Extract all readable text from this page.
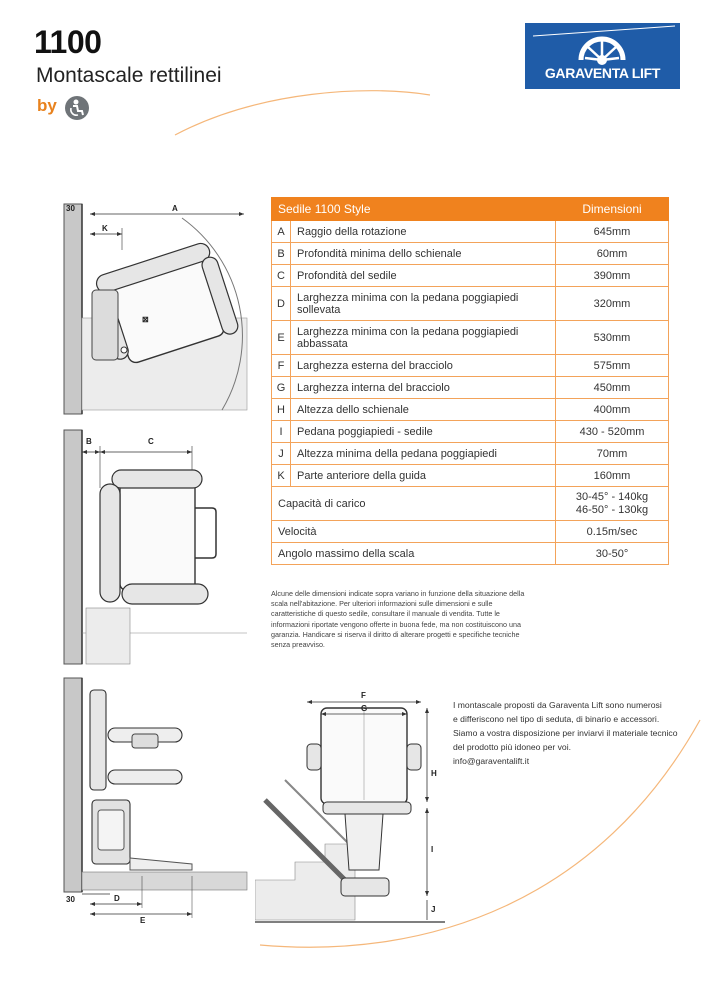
1100
Montascale rettilinei
by
GARAVENTA LIFT
⊠
30	A
K
B	C
30	D
E
F
G
H
I
J
Sedile 1100 Style		Dimensioni
A	Raggio della rotazione	645mm
B	Profondità minima dello schienale	60mm
C	Profondità del sedile	390mm
D	Larghezza minima con la pedana poggiapiedi sollevata	320mm
E	Larghezza minima con la pedana poggiapiedi abbassata	530mm
F	Larghezza esterna del bracciolo	575mm
G	Larghezza interna del bracciolo	450mm
H	Altezza dello schienale	400mm
I	Pedana poggiapiedi - sedile	430 - 520mm
J	Altezza minima della pedana poggiapiedi	70mm
K	Parte anteriore della guida	160mm
Capacità di carico		30-45° - 140kg
46-50° - 130kg

Velocità		0.15m/sec
Angolo massimo della scala		30-50°
Alcune delle dimensioni indicate sopra variano in funzione della situazione della scala nell'abitazione. Per ulteriori informazioni sulle dimensioni e sulle caratteristiche di questo sedile, consultare il manuale di vendita. Tutte le informazioni riportate vengono offerte in buona fede, ma non costituiscono una garanzia. Handicare si riserva il diritto di alterare progetti e specifiche tecniche senza preavviso.
I montascale proposti da Garaventa Lift sono numerosi
e differiscono nel tipo di seduta, di binario e accessori.
Siamo a vostra disposizione per inviarvi il materiale tecnico
del prodotto più idoneo per voi.
info@garaventalift.it
